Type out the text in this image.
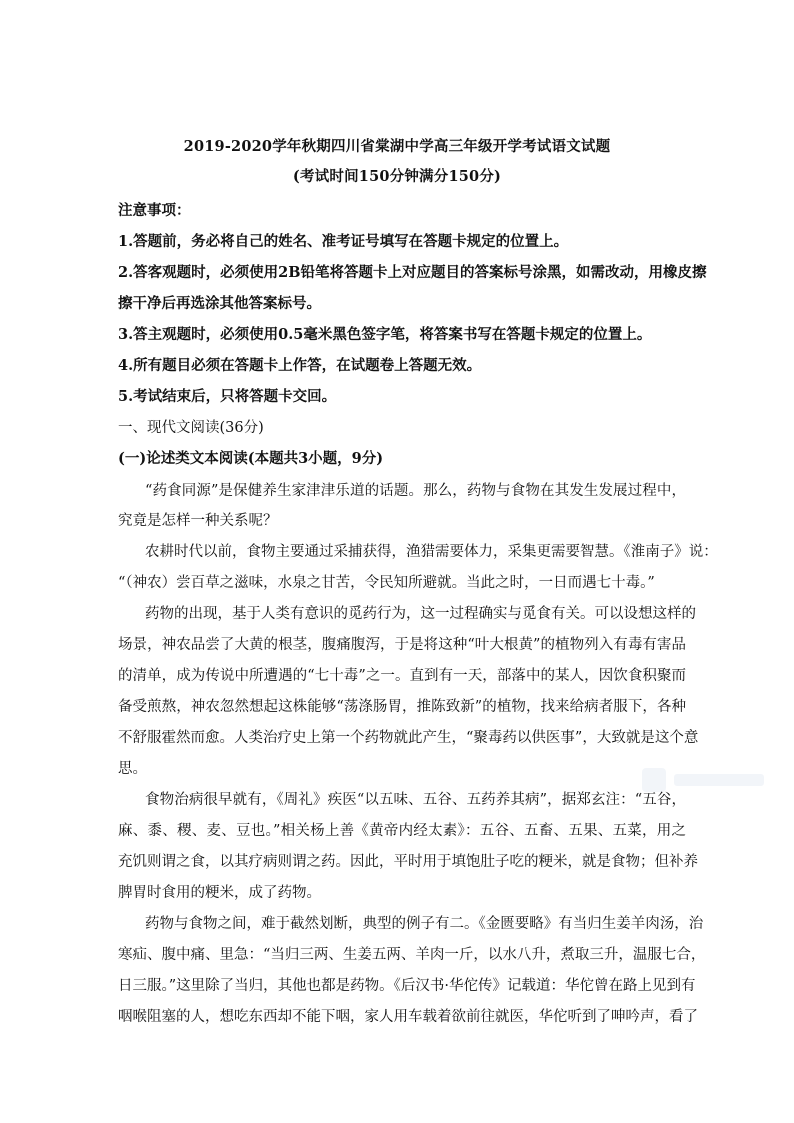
2019-2020学年秋期四川省棠湖中学高三年级开学考试语文试题

(考试时间150分钟满分150分)

注意事项：

1.答题前，务必将自己的姓名、准考证号填写在答题卡规定的位置上。

2.答客观题时，必须使用2B铅笔将答题卡上对应题目的答案标号涂黑，如需改动，用橡皮擦

擦干净后再选涂其他答案标号。

3.答主观题时，必须使用0.5毫米黑色签字笔，将答案书写在答题卡规定的位置上。

4.所有题目必须在答题卡上作答，在试题卷上答题无效。

5.考试结束后，只将答题卡交回。

一、现代文阅读(36分)

(一)论述类文本阅读(本题共3小题，9分)

“药食同源”是保健养生家津津乐道的话题。那么，药物与食物在其发生发展过程中，

究竟是怎样一种关系呢？

农耕时代以前，食物主要通过采捕获得，渔猎需要体力，采集更需要智慧。《淮南子》说：

“（神农）尝百草之滋味，水泉之甘苦，令民知所避就。当此之时，一日而遇七十毒。”

药物的出现，基于人类有意识的觅药行为，这一过程确实与觅食有关。可以设想这样的

场景，神农品尝了大黄的根茎，腹痛腹泻，于是将这种“叶大根黄”的植物列入有毒有害品

的清单，成为传说中所遭遇的“七十毒”之一。直到有一天，部落中的某人，因饮食积聚而

备受煎熬，神农忽然想起这株能够“荡涤肠胃，推陈致新”的植物，找来给病者服下，各种

不舒服霍然而愈。人类治疗史上第一个药物就此产生，“聚毒药以供医事”，大致就是这个意

思。

食物治病很早就有，《周礼》疾医“以五味、五谷、五药养其病”，据郑玄注：“五谷，

麻、黍、稷、麦、豆也。”相关杨上善《黄帝内经太素》：五谷、五畜、五果、五菜，用之

充饥则谓之食，以其疗病则谓之药。因此，平时用于填饱肚子吃的粳米，就是食物；但补养

脾胃时食用的粳米，成了药物。

药物与食物之间，难于截然划断，典型的例子有二。《金匮要略》有当归生姜羊肉汤，治

寒疝、腹中痛、里急：“当归三两、生姜五两、羊肉一斤，以水八升，煮取三升，温服七合，

日三服。”这里除了当归，其他也都是药物。《后汉书·华佗传》记载道：华佗曾在路上见到有

咽喉阻塞的人，想吃东西却不能下咽，家人用车载着欲前往就医，华佗听到了呻吟声，看了
